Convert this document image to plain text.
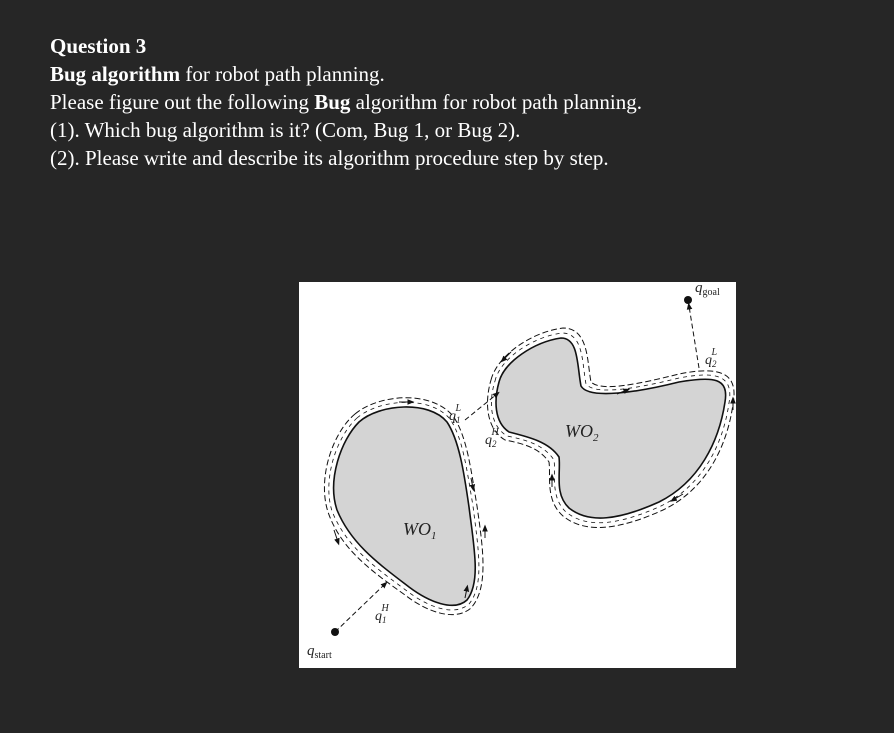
Question 3
Bug algorithm for robot path planning.
Please figure out the following Bug algorithm for robot path planning.
(1). Which bug algorithm is it? (Com, Bug 1, or Bug 2).
(2). Please write and describe its algorithm procedure step by step.
$WO_1$
$WO_2$
$q_{start}$
$q_{goal}$
$q_1H$
$q_1L$
$q_2H$
$q_2L$
